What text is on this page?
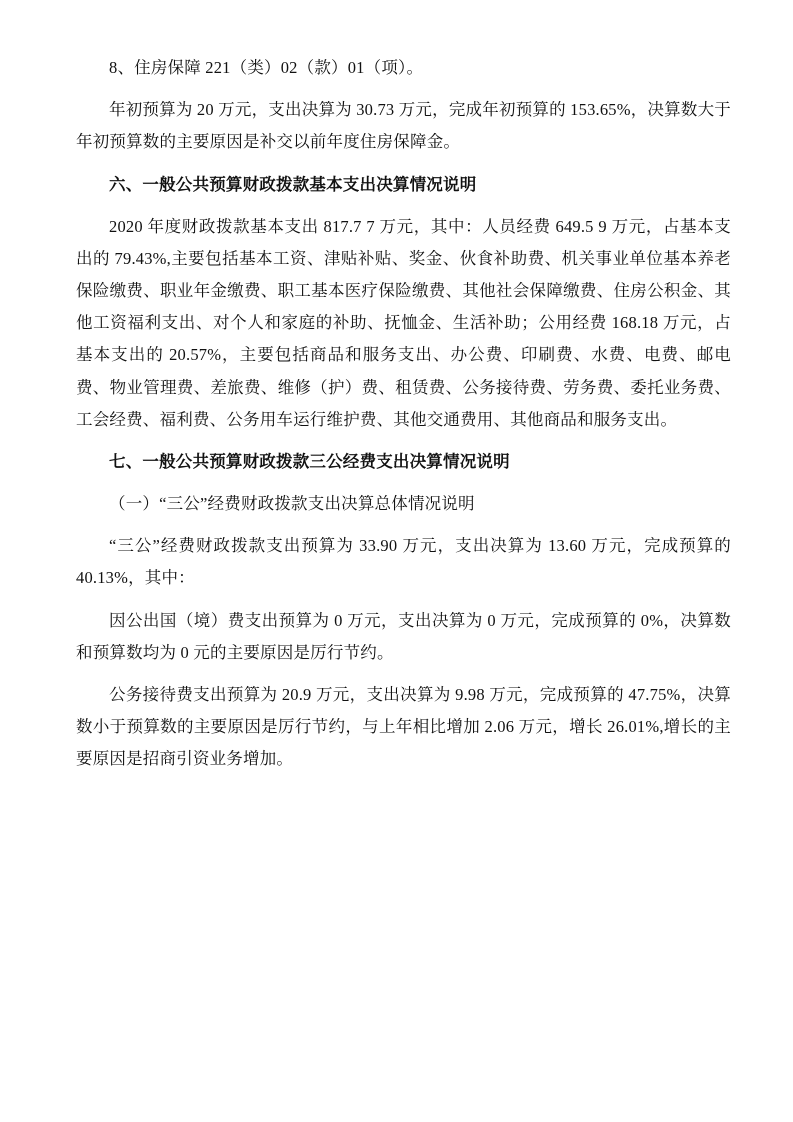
8、住房保障 221（类）02（款）01（项）。

年初预算为 20 万元，支出决算为 30.73 万元，完成年初预算的 153.65%，决算数大于年初预算数的主要原因是补交以前年度住房保障金。

六、一般公共预算财政拨款基本支出决算情况说明

2020 年度财政拨款基本支出 817.7 7 万元，其中：人员经费 649.5 9 万元，占基本支出的 79.43%,主要包括基本工资、津贴补贴、奖金、伙食补助费、机关事业单位基本养老保险缴费、职业年金缴费、职工基本医疗保险缴费、其他社会保障缴费、住房公积金、其他工资福利支出、对个人和家庭的补助、抚恤金、生活补助；公用经费 168.18 万元，占基本支出的 20.57%，主要包括商品和服务支出、办公费、印刷费、水费、电费、邮电费、物业管理费、差旅费、维修（护）费、租赁费、公务接待费、劳务费、委托业务费、工会经费、福利费、公务用车运行维护费、其他交通费用、其他商品和服务支出。

七、一般公共预算财政拨款三公经费支出决算情况说明

（一）“三公”经费财政拨款支出决算总体情况说明

“三公”经费财政拨款支出预算为 33.90 万元，支出决算为 13.60 万元，完成预算的 40.13%，其中：

因公出国（境）费支出预算为 0 万元，支出决算为 0 万元，完成预算的 0%，决算数和预算数均为 0 元的主要原因是厉行节约。

公务接待费支出预算为 20.9 万元，支出决算为 9.98 万元，完成预算的 47.75%，决算数小于预算数的主要原因是厉行节约，与上年相比增加 2.06 万元，增长 26.01%,增长的主要原因是招商引资业务增加。
